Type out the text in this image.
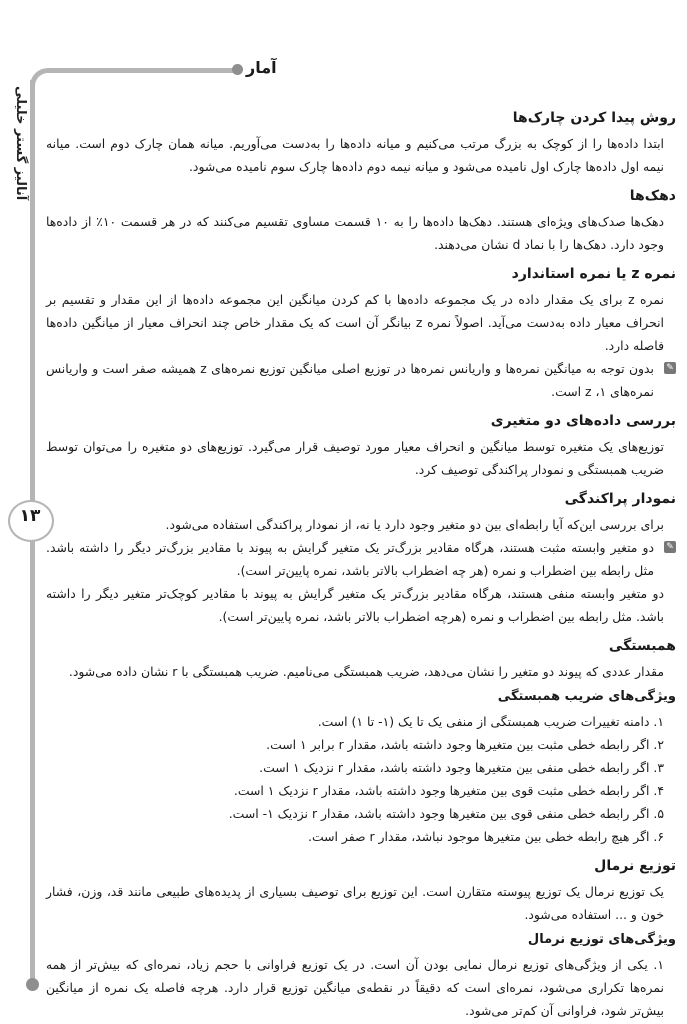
آمار
آنالیز گستر خلیلی
۱۳
روش پیدا کردن چارک‌ها

ابتدا داده‌ها را از کوچک به بزرگ مرتب می‌کنیم و میانه داده‌ها را به‌دست می‌آوریم. میانه همان چارک دوم است. میانه نیمه اول داده‌ها چارک اول نامیده می‌شود و میانه نیمه دوم داده‌ها چارک سوم نامیده می‌شود.

دهک‌ها

دهک‌ها صدک‌های ویژه‌ای هستند. دهک‌ها داده‌ها را به ۱۰ قسمت مساوی تقسیم می‌کنند که در هر قسمت ۱۰٪ از داده‌ها وجود دارد. دهک‌ها را با نماد d نشان می‌دهند.

نمره z یا نمره استاندارد

نمره z برای یک مقدار داده در یک مجموعه داده‌ها با کم کردن میانگین این مجموعه داده‌ها از این مقدار و تقسیم بر انحراف معیار داده به‌دست می‌آید. اصولاً نمره z بیانگر آن است که یک مقدار خاص چند انحراف معیار از میانگین داده‌ها فاصله دارد.

✎
بدون توجه به میانگین نمره‌ها و واریانس نمره‌ها در توزیع اصلی میانگین توزیع نمره‌های z همیشه صفر است و واریانس نمره‌های z ،۱ است.
بررسی داده‌های دو متغیری

توزیع‌های یک متغیره توسط میانگین و انحراف معیار مورد توصیف قرار می‌گیرد. توزیع‌های دو متغیره را می‌توان توسط ضریب همبستگی و نمودار پراکندگی توصیف کرد.

نمودار پراکندگی

برای بررسی این‌که آیا رابطه‌ای بین دو متغیر وجود دارد یا نه، از نمودار پراکندگی استفاده می‌شود.

✎
دو متغیر وابسته مثبت هستند، هرگاه مقادیر بزرگ‌تر یک متغیر گرایش به پیوند با مقادیر بزرگ‌تر دیگر را داشته باشد. مثل رابطه بین اضطراب و نمره (هر چه اضطراب بالاتر باشد، نمره پایین‌تر است).

دو متغیر وابسته منفی هستند، هرگاه مقادیر بزرگ‌تر یک متغیر گرایش به پیوند با مقادیر کوچک‌تر متغیر دیگر را داشته باشد. مثل رابطه بین اضطراب و نمره (هرچه اضطراب بالاتر باشد، نمره پایین‌تر است).

همبستگی

مقدار عددی که پیوند دو متغیر را نشان می‌دهد، ضریب همبستگی می‌نامیم. ضریب همبستگی با r نشان داده می‌شود.

ویژگی‌های ضریب همبستگی

۱. دامنه تغییرات ضریب همبستگی از منفی یک تا یک (۱- تا ۱) است.

۲. اگر رابطه خطی مثبت بین متغیرها وجود داشته باشد، مقدار r برابر ۱ است.

۳. اگر رابطه خطی منفی بین متغیرها وجود داشته باشد، مقدار r نزدیک ۱ است.

۴. اگر رابطه خطی مثبت قوی بین متغیرها وجود داشته باشد، مقدار r نزدیک ۱ است.

۵. اگر رابطه خطی منفی قوی بین متغیرها وجود داشته باشد، مقدار r نزدیک ۱- است.

۶. اگر هیچ رابطه خطی بین متغیرها موجود نباشد، مقدار r صفر است.

توزیع نرمال

یک توزیع نرمال یک توزیع پیوسته متقارن است. این توزیع برای توصیف بسیاری از پدیده‌های طبیعی مانند قد، وزن، فشار خون و ... استفاده می‌شود.

ویژگی‌های توزیع نرمال

۱. یکی از ویژگی‌های توزیع نرمال نمایی بودن آن است. در یک توزیع فراوانی با حجم زیاد، نمره‌ای که بیش‌تر از همه نمره‌ها تکراری می‌شود، نمره‌ای است که دقیقاً در نقطه‌ی میانگین توزیع قرار دارد. هرچه فاصله یک نمره از میانگین بیش‌تر شود، فراوانی آن کم‌تر می‌شود.
